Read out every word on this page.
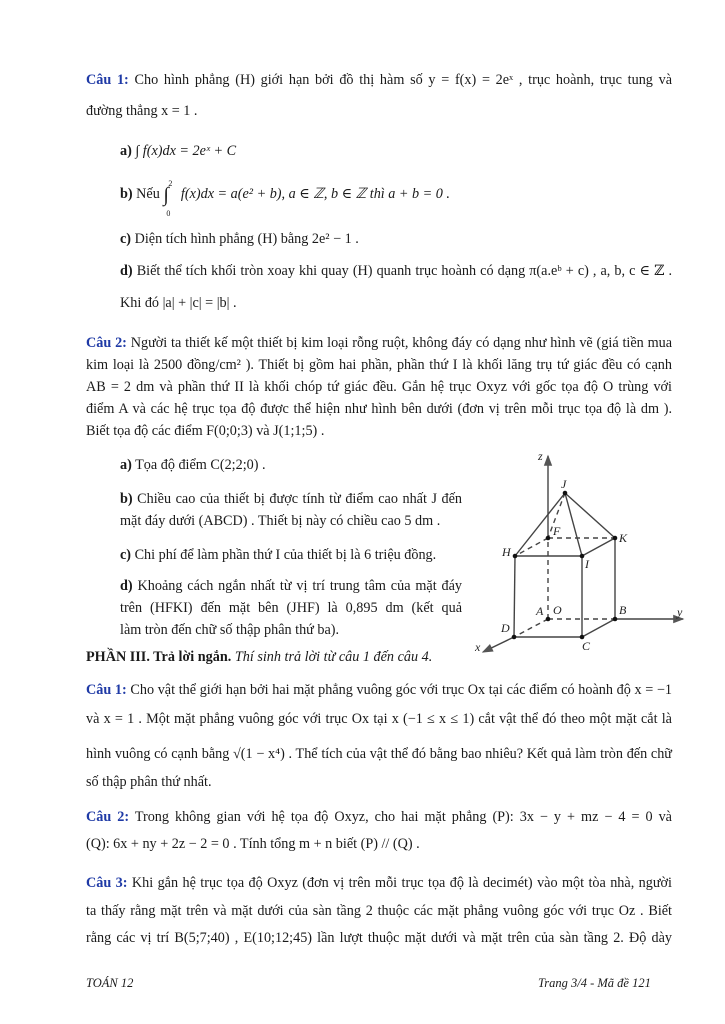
Câu 1: Cho hình phẳng (H) giới hạn bởi đồ thị hàm số y = f(x) = 2eˣ , trục hoành, trục tung và
đường thẳng x = 1 .
a) ∫ f(x)dx = 2eˣ + C
b) Nếu ∫
2
0
f(x)dx = a(e² + b), a ∈ ℤ, b ∈ ℤ thì a + b = 0 .
c) Diện tích hình phẳng (H) bằng 2e² − 1 .
d) Biết thể tích khối tròn xoay khi quay (H) quanh trục hoành có dạng π(a.eᵇ + c) , a, b, c ∈ ℤ .
Khi đó |a| + |c| = |b| .
Câu 2: Người ta thiết kế một thiết bị kim loại rỗng ruột, không đáy có dạng như hình vẽ (giá tiền mua
kim loại là 2500 đồng/cm² ). Thiết bị gồm hai phần, phần thứ I là khối lăng trụ tứ giác đều có cạnh
AB = 2 dm và phần thứ II là khối chóp tứ giác đều. Gắn hệ trục Oxyz với gốc tọa độ O trùng với
điểm A và các hệ trục tọa độ được thể hiện như hình bên dưới (đơn vị trên mỗi trục tọa độ là dm ).
Biết tọa độ các điểm F(0;0;3) và J(1;1;5) .
a) Tọa độ điểm C(2;2;0) .
b) Chiều cao của thiết bị được tính từ điểm cao nhất J đến
mặt đáy dưới (ABCD) . Thiết bị này có chiều cao 5 dm .
c) Chi phí để làm phần thứ I của thiết bị là 6 triệu đồng.
d) Khoảng cách ngắn nhất từ vị trí trung tâm của mặt đáy
trên (HFKI) đến mặt bên (JHF) là 0,895 dm (kết quả
làm tròn đến chữ số thập phân thứ ba).
z
J
F	K
H
I
A O	B	y
D
C
x
PHẦN III. Trả lời ngắn. Thí sinh trả lời từ câu 1 đến câu 4.
Câu 1: Cho vật thể giới hạn bởi hai mặt phẳng vuông góc với trục Ox tại các điểm có hoành độ x = −1
và x = 1 . Một mặt phẳng vuông góc với trục Ox tại x (−1 ≤ x ≤ 1) cắt vật thể đó theo một mặt cắt là
hình vuông có cạnh bằng √(1 − x⁴) . Thể tích của vật thể đó bằng bao nhiêu? Kết quả làm tròn đến chữ
số thập phân thứ nhất.
Câu 2: Trong không gian với hệ tọa độ Oxyz, cho hai mặt phẳng (P): 3x − y + mz − 4 = 0 và
(Q): 6x + ny + 2z − 2 = 0 . Tính tổng m + n biết (P) // (Q) .
Câu 3: Khi gắn hệ trục tọa độ Oxyz (đơn vị trên mỗi trục tọa độ là decimét) vào một tòa nhà, người
ta thấy rằng mặt trên và mặt dưới của sàn tầng 2 thuộc các mặt phẳng vuông góc với trục Oz . Biết
rằng các vị trí B(5;7;40) , E(10;12;45) lần lượt thuộc mặt dưới và mặt trên của sàn tầng 2. Độ dày
TOÁN 12	Trang 3/4 - Mã đề 121
